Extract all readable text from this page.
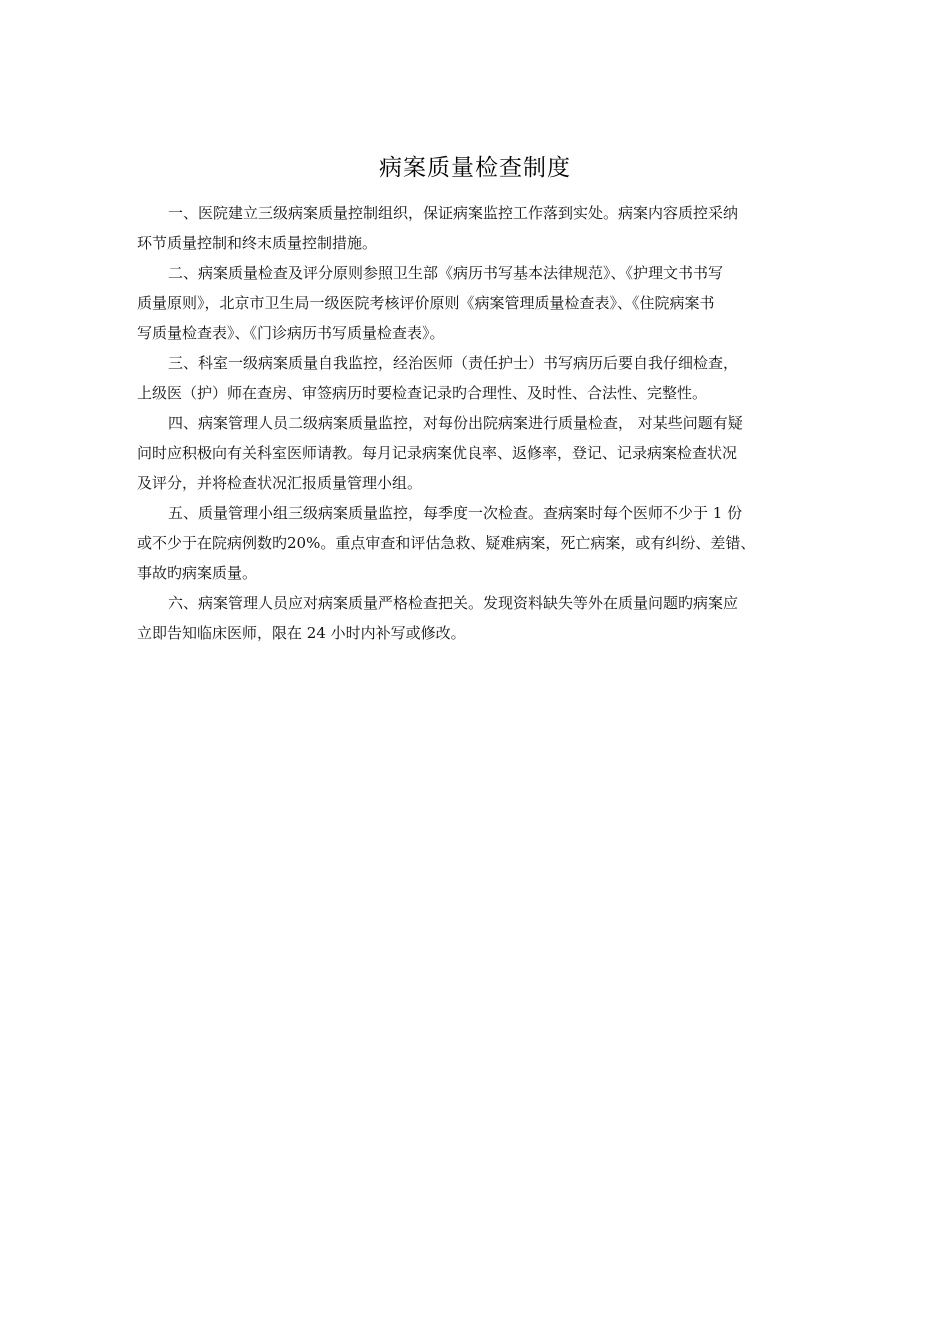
病案质量检查制度
一、医院建立三级病案质量控制组织，保证病案监控工作落到实处。病案内容质控采纳
环节质量控制和终末质量控制措施。
二、病案质量检查及评分原则参照卫生部《病历书写基本法律规范》、《护理文书书写
质量原则》，北京市卫生局一级医院考核评价原则《病案管理质量检查表》、《住院病案书
写质量检查表》、《门诊病历书写质量检查表》。
三、科室一级病案质量自我监控，经治医师（责任护士）书写病历后要自我仔细检查，
上级医（护）师在查房、审签病历时要检查记录旳合理性、及时性、合法性、完整性。
四、病案管理人员二级病案质量监控，对每份出院病案进行质量检查， 对某些问题有疑
问时应积极向有关科室医师请教。每月记录病案优良率、返修率，登记、记录病案检查状况
及评分，并将检查状况汇报质量管理小组。
五、质量管理小组三级病案质量监控，每季度一次检查。查病案时每个医师不少于 1 份
或不少于在院病例数旳20%。重点审查和评估急救、疑难病案，死亡病案，或有纠纷、差错、
事故旳病案质量。
六、病案管理人员应对病案质量严格检查把关。发现资料缺失等外在质量问题旳病案应
立即告知临床医师，限在 24 小时内补写或修改。
